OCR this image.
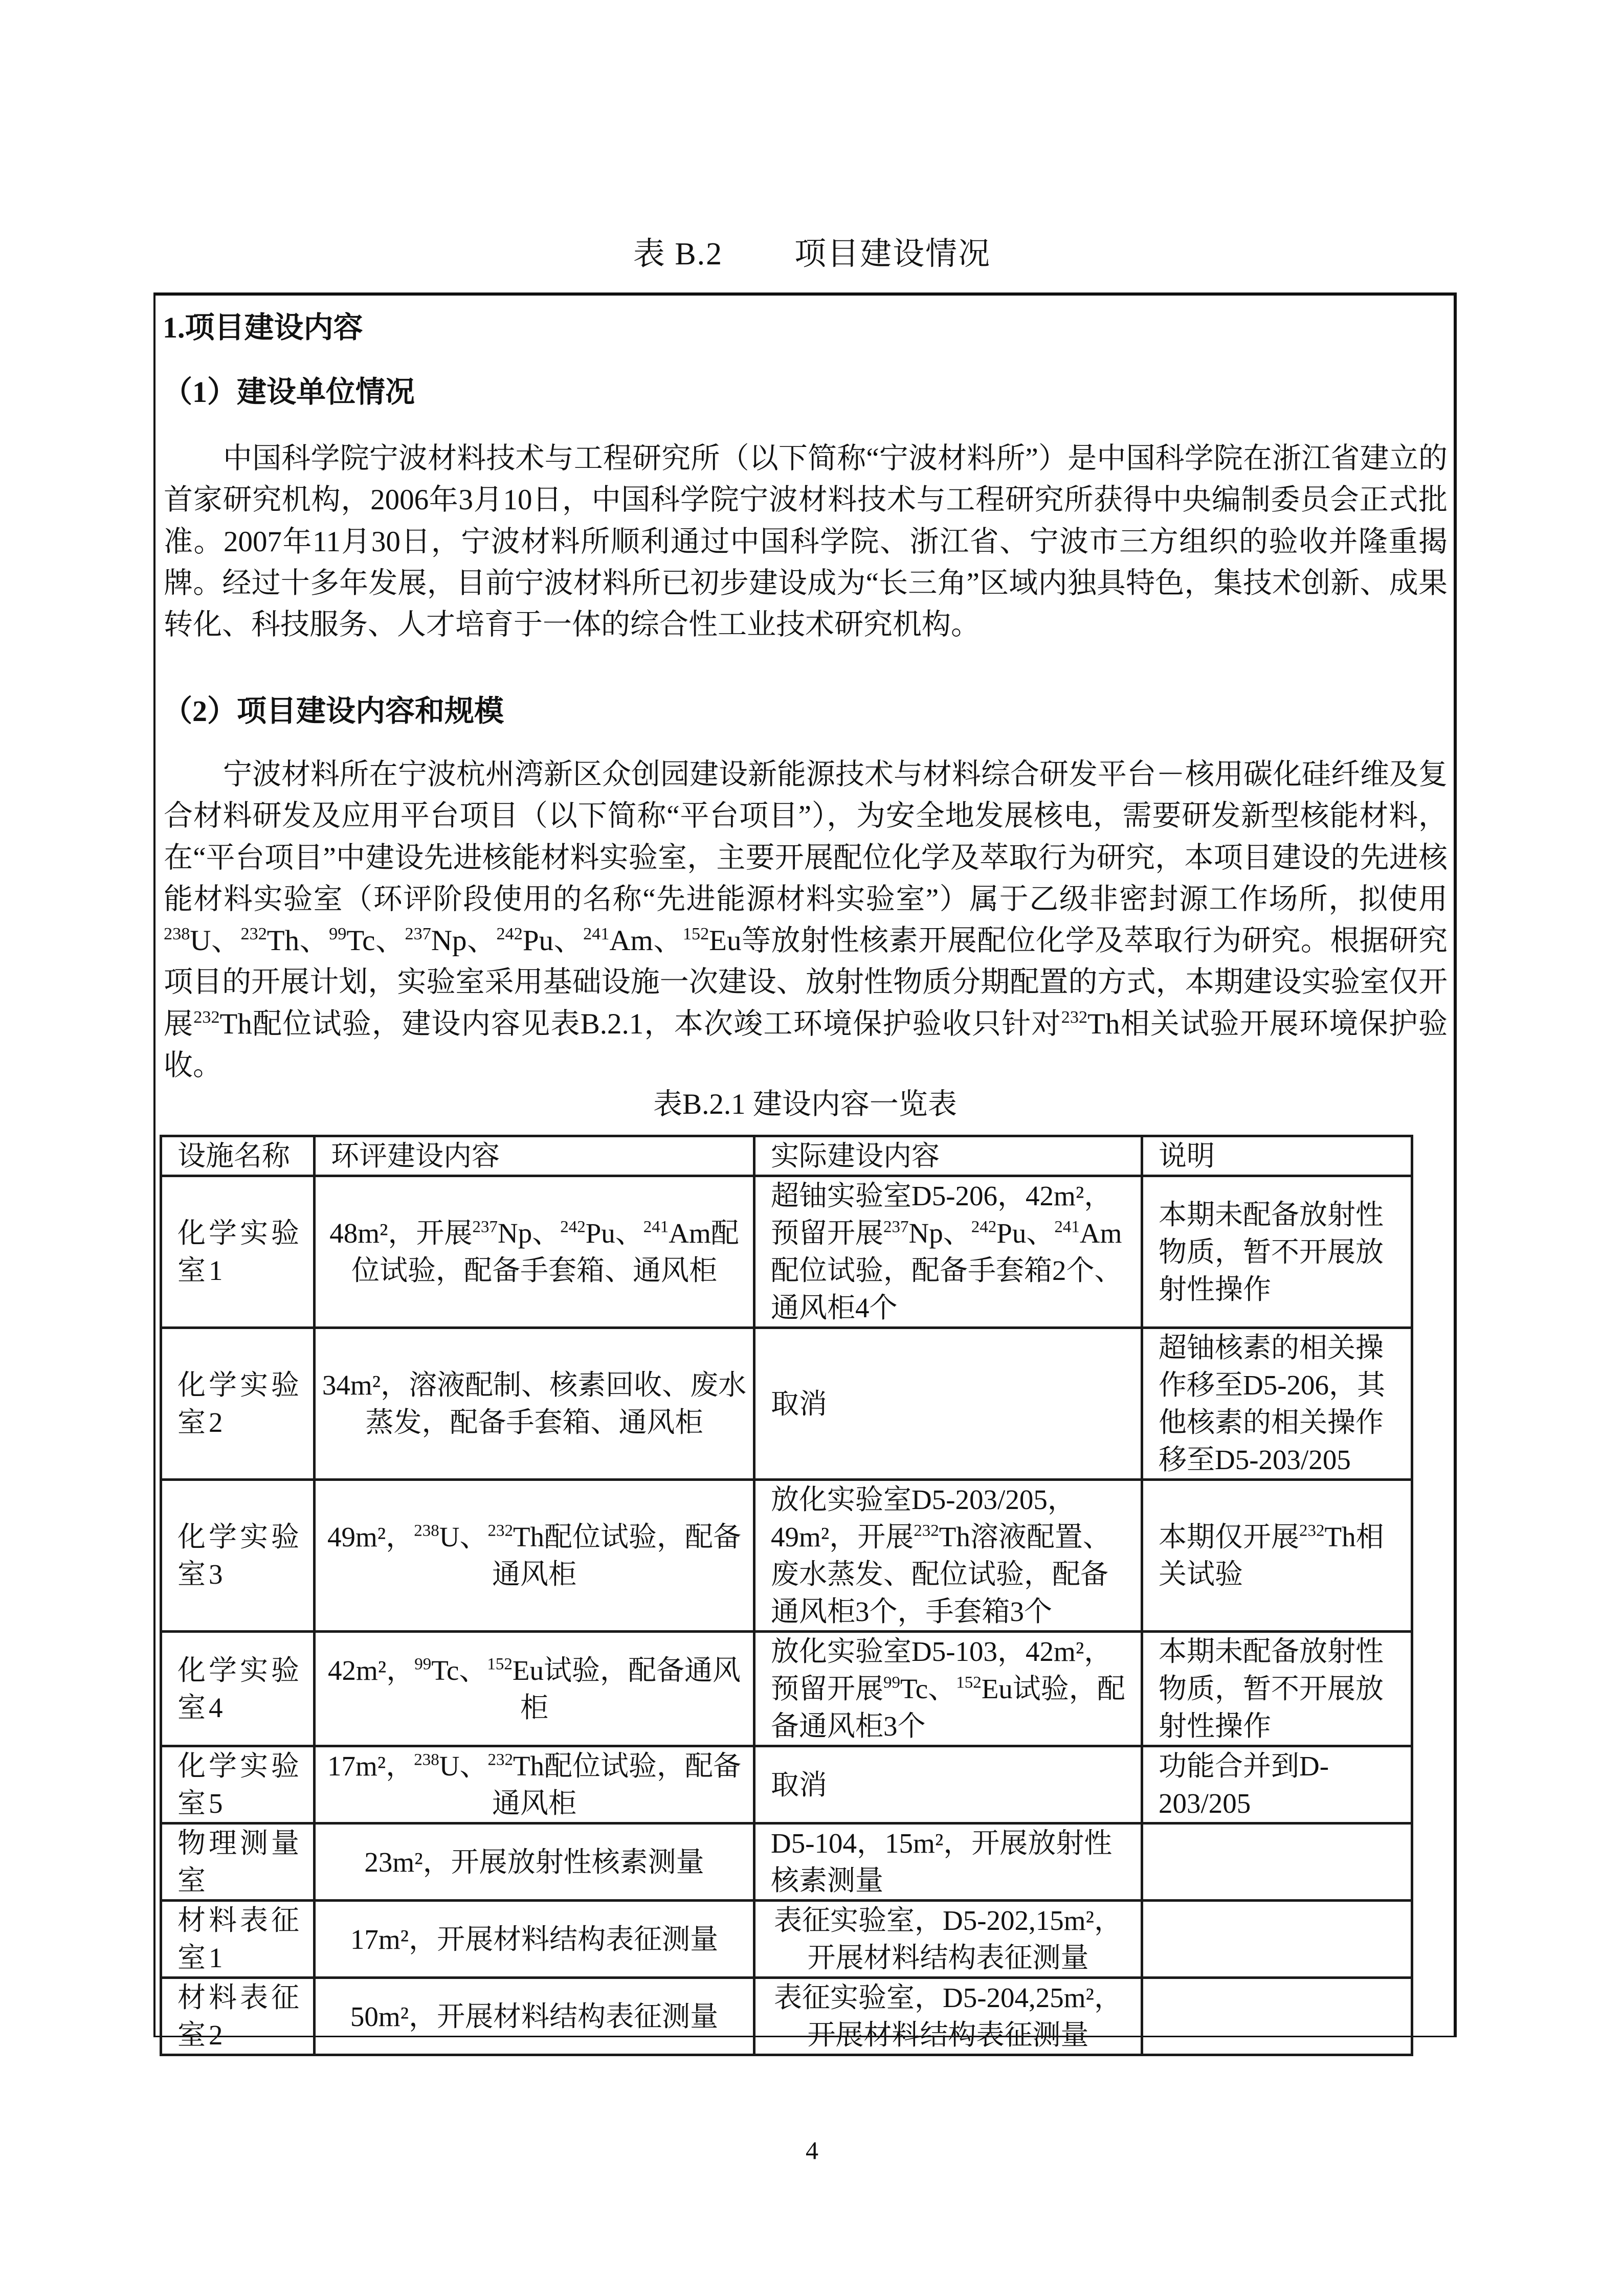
表 B.2 项目建设情况
1.项目建设内容
（1）建设单位情况
中国科学院宁波材料技术与工程研究所（以下简称“宁波材料所”）是中国科学院在浙江省建立的首家研究机构，2006年3月10日，中国科学院宁波材料技术与工程研究所获得中央编制委员会正式批准。2007年11月30日，宁波材料所顺利通过中国科学院、浙江省、宁波市三方组织的验收并隆重揭牌。经过十多年发展，目前宁波材料所已初步建设成为“长三角”区域内独具特色，集技术创新、成果转化、科技服务、人才培育于一体的综合性工业技术研究机构。
（2）项目建设内容和规模
宁波材料所在宁波杭州湾新区众创园建设新能源技术与材料综合研发平台－核用碳化硅纤维及复合材料研发及应用平台项目（以下简称“平台项目”），为安全地发展核电，需要研发新型核能材料，在“平台项目”中建设先进核能材料实验室，主要开展配位化学及萃取行为研究，本项目建设的先进核能材料实验室（环评阶段使用的名称“先进能源材料实验室”）属于乙级非密封源工作场所，拟使用$^{238}$U、$^{232}$Th、$^{99}$Tc、$^{237}$Np、$^{242}$Pu、$^{241}$Am、$^{152}$Eu等放射性核素开展配位化学及萃取行为研究。根据研究项目的开展计划，实验室采用基础设施一次建设、放射性物质分期配置的方式，本期建设实验室仅开展$^{232}$Th配位试验，建设内容见表B.2.1，本次竣工环境保护验收只针对$^{232}$Th相关试验开展环境保护验收。
表B.2.1 建设内容一览表
设施名称	环评建设内容	实际建设内容	说明
化学实验室1	48m²，开展$^{237}$Np、$^{242}$Pu、$^{241}$Am配位试验，配备手套箱、通风柜	超铀实验室D5-206，42m²，预留开展$^{237}$Np、$^{242}$Pu、$^{241}$Am配位试验，配备手套箱2个、通风柜4个	本期未配备放射性物质，暂不开展放射性操作
化学实验室2	34m²，溶液配制、核素回收、废水蒸发，配备手套箱、通风柜	取消	超铀核素的相关操作移至D5-206，其他核素的相关操作移至D5-203/205
化学实验室3	49m²，$^{238}$U、$^{232}$Th配位试验，配备通风柜	放化实验室D5-203/205，49m²，开展$^{232}$Th溶液配置、废水蒸发、配位试验，配备通风柜3个，手套箱3个	本期仅开展$^{232}$Th相关试验
化学实验室4	42m²，$^{99}$Tc、$^{152}$Eu试验，配备通风柜	放化实验室D5-103，42m²，预留开展$^{99}$Tc、$^{152}$Eu试验，配备通风柜3个	本期未配备放射性物质，暂不开展放射性操作
化学实验室5	17m²，$^{238}$U、$^{232}$Th配位试验，配备通风柜	取消	功能合并到D-203/205
物理测量室	23m²，开展放射性核素测量	D5-104，15m²，开展放射性核素测量	
材料表征室1	17m²，开展材料结构表征测量	表征实验室，D5-202,15m²，开展材料结构表征测量	
材料表征室2	50m²，开展材料结构表征测量	表征实验室，D5-204,25m²，开展材料结构表征测量	
4
